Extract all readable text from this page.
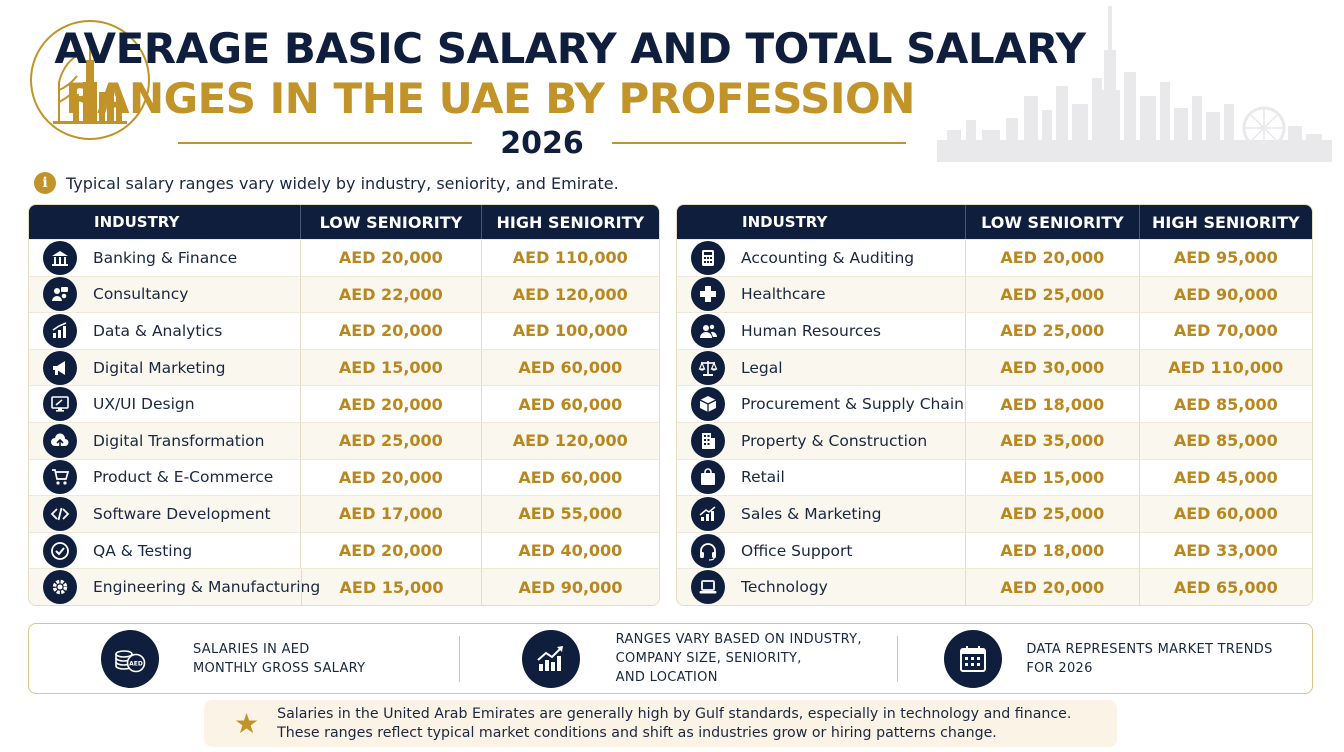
AVERAGE BASIC SALARY AND TOTAL SALARY
RANGES IN THE UAE BY PROFESSION
2026
i	Typical salary ranges vary widely by industry, seniority, and Emirate.
INDUSTRY	LOW SENIORITY	HIGH SENIORITY
Banking & Finance	AED 20,000	AED 110,000
Consultancy	AED 22,000	AED 120,000
Data & Analytics	AED 20,000	AED 100,000
Digital Marketing	AED 15,000	AED 60,000
UX/UI Design	AED 20,000	AED 60,000
Digital Transformation	AED 25,000	AED 120,000
Product & E-Commerce	AED 20,000	AED 60,000
Software Development	AED 17,000	AED 55,000
QA & Testing	AED 20,000	AED 40,000
Engineering & Manufacturing	AED 15,000	AED 90,000
INDUSTRY	LOW SENIORITY	HIGH SENIORITY
Accounting & Auditing	AED 20,000	AED 95,000
Healthcare	AED 25,000	AED 90,000
Human Resources	AED 25,000	AED 70,000
Legal	AED 30,000	AED 110,000
Procurement & Supply Chain	AED 18,000	AED 85,000
Property & Construction	AED 35,000	AED 85,000
Retail	AED 15,000	AED 45,000
Sales & Marketing	AED 25,000	AED 60,000
Office Support	AED 18,000	AED 33,000
Technology	AED 20,000	AED 65,000
AED
SALARIES IN AED
MONTHLY GROSS SALARY
RANGES VARY BASED ON INDUSTRY,
COMPANY SIZE, SENIORITY,
AND LOCATION
DATA REPRESENTS MARKET TRENDS
FOR 2026
★ Salaries in the United Arab Emirates are generally high by Gulf standards, especially in technology and finance.
These ranges reflect typical market conditions and shift as industries grow or hiring patterns change.
